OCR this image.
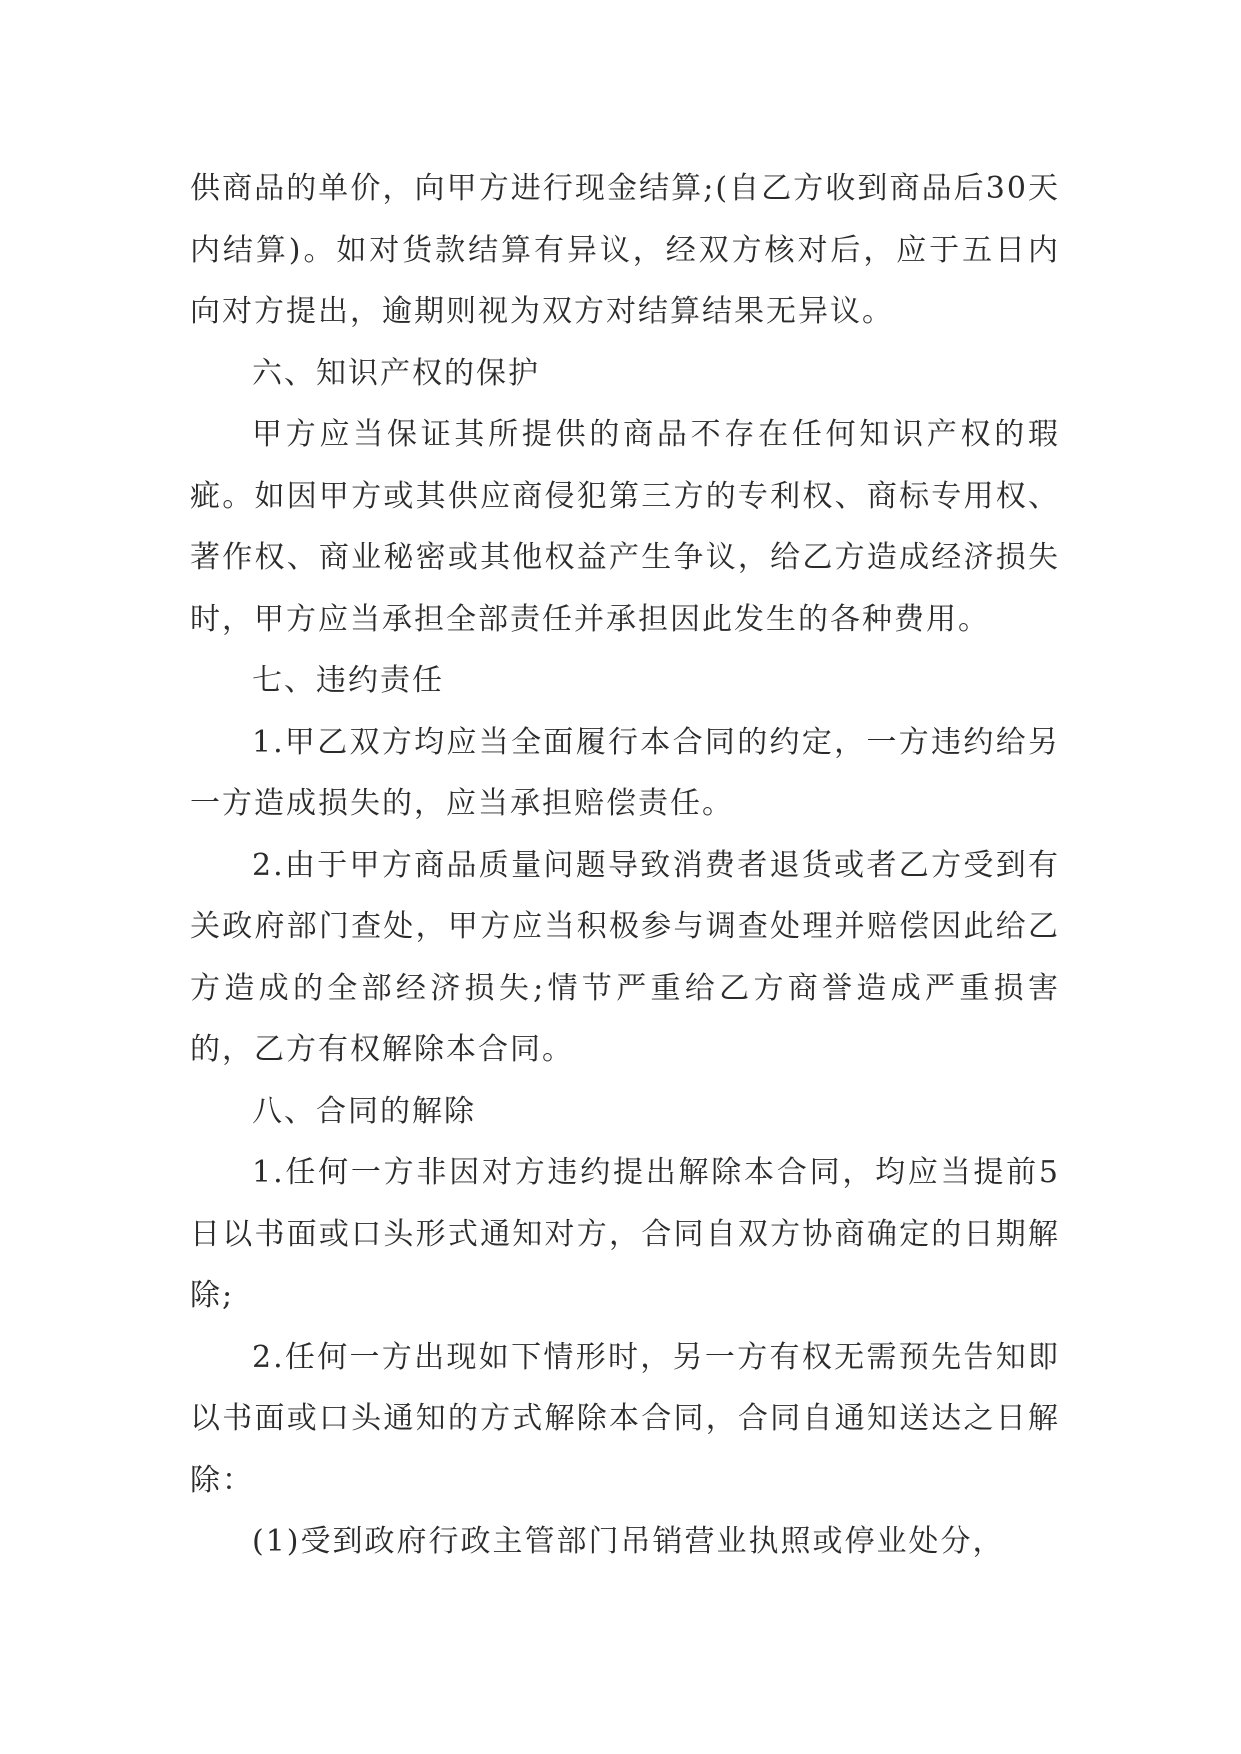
供商品的单价，向甲方进行现金结算;(自乙方收到商品后30天内结算)。如对货款结算有异议，经双方核对后，应于五日内向对方提出，逾期则视为双方对结算结果无异议。

六、知识产权的保护

甲方应当保证其所提供的商品不存在任何知识产权的瑕疵。如因甲方或其供应商侵犯第三方的专利权、商标专用权、著作权、商业秘密或其他权益产生争议，给乙方造成经济损失时，甲方应当承担全部责任并承担因此发生的各种费用。

七、违约责任

1.甲乙双方均应当全面履行本合同的约定，一方违约给另一方造成损失的，应当承担赔偿责任。

2.由于甲方商品质量问题导致消费者退货或者乙方受到有关政府部门查处，甲方应当积极参与调查处理并赔偿因此给乙方造成的全部经济损失;情节严重给乙方商誉造成严重损害的，乙方有权解除本合同。

八、合同的解除

1.任何一方非因对方违约提出解除本合同，均应当提前5日以书面或口头形式通知对方，合同自双方协商确定的日期解除;

2.任何一方出现如下情形时，另一方有权无需预先告知即以书面或口头通知的方式解除本合同，合同自通知送达之日解除：

(1)受到政府行政主管部门吊销营业执照或停业处分，
